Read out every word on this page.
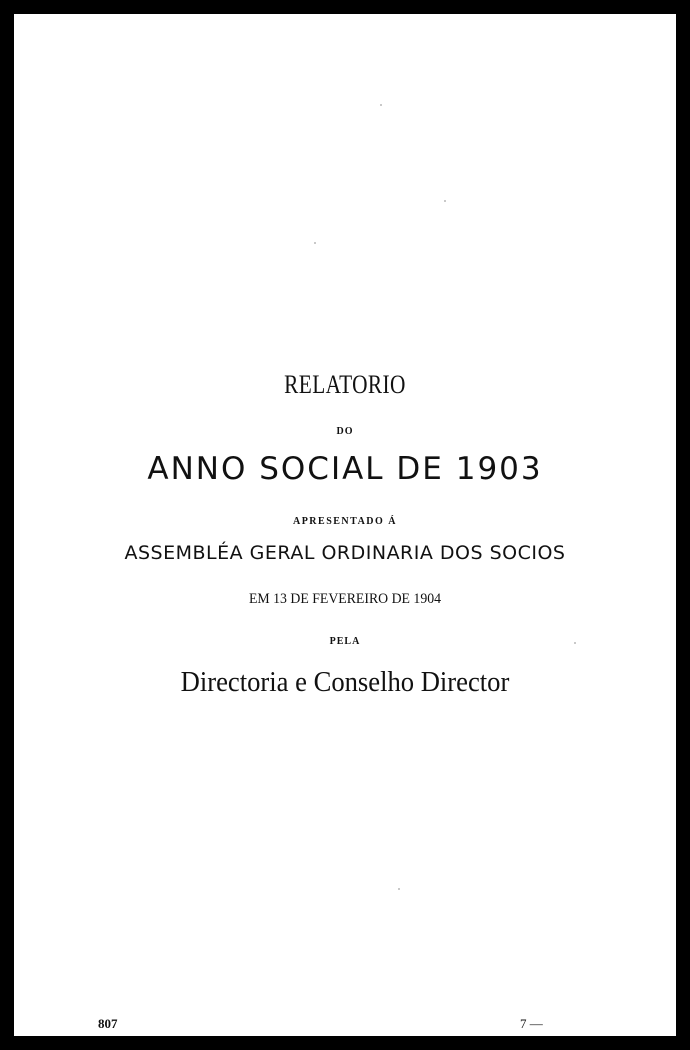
RELATORIO
DO
ANNO SOCIAL DE 1903
APRESENTADO Á
ASSEMBLÉA GERAL ORDINARIA DOS SOCIOS
EM 13 DE FEVEREIRO DE 1904
PELA
Directoria e Conselho Director
807	7 —
